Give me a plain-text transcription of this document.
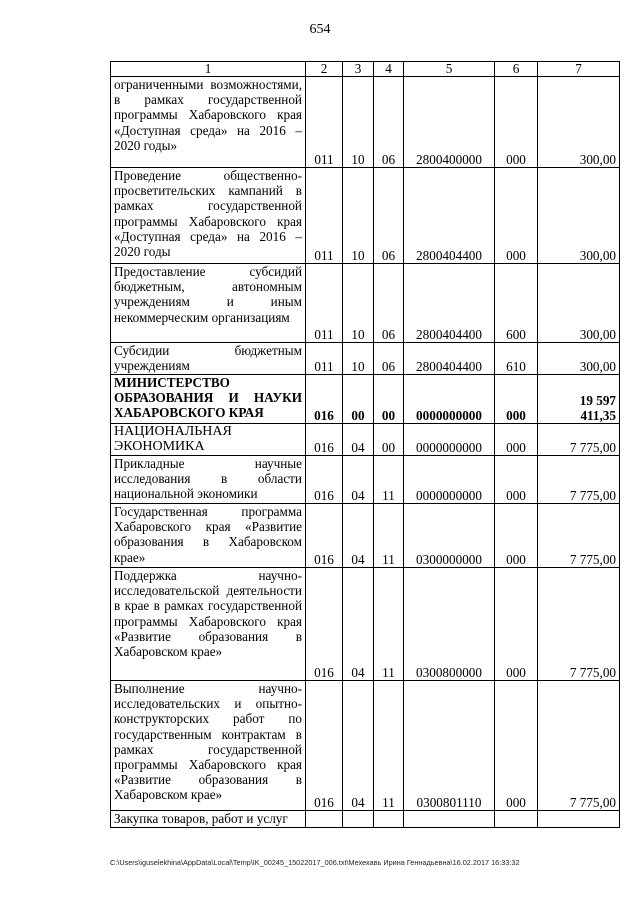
654
1	2	3	4	5	6	7
ограниченными возможностями, в рамках государственной программы Хабаровского края «Доступная среда» на 2016 – 2020 годы»	011	10	06	2800400000	000	300,00
Проведение общественно-просветительских кампаний в рамках государственной программы Хабаровского края «Доступная среда» на 2016 – 2020 годы	011	10	06	2800404400	000	300,00
Предоставление субсидий бюджетным, автономным учреждениям и иным некоммерческим организациям	011	10	06	2800404400	600	300,00
Субсидии бюджетным учреждениям	011	10	06	2800404400	610	300,00
МИНИСТЕРСТВО ОБРАЗОВАНИЯ И НАУКИ ХАБАРОВСКОГО КРАЯ	016	00	00	0000000000	000	19 597 411,35
НАЦИОНАЛЬНАЯ ЭКОНОМИКА	016	04	00	0000000000	000	7 775,00
Прикладные научные исследования в области национальной экономики	016	04	11	0000000000	000	7 775,00
Государственная программа Хабаровского края «Развитие образования в Хабаровском крае»	016	04	11	0300000000	000	7 775,00
Поддержка научно-исследовательской деятельности в крае в рамках государственной программы Хабаровского края «Развитие образования в Хабаровском крае»	016	04	11	0300800000	000	7 775,00
Выполнение научно-исследовательских и опытно-конструкторских работ по государственным контрактам в рамках государственной программы Хабаровского края «Развитие образования в Хабаровском крае»	016	04	11	0300801110	000	7 775,00
Закупка товаров, работ и услуг						
C:\Users\iguselekhina\AppData\Local\Temp\IK_00245_15022017_006.txt\Мехекавь Ирина Геннадьевна\16.02.2017 16:33:32
